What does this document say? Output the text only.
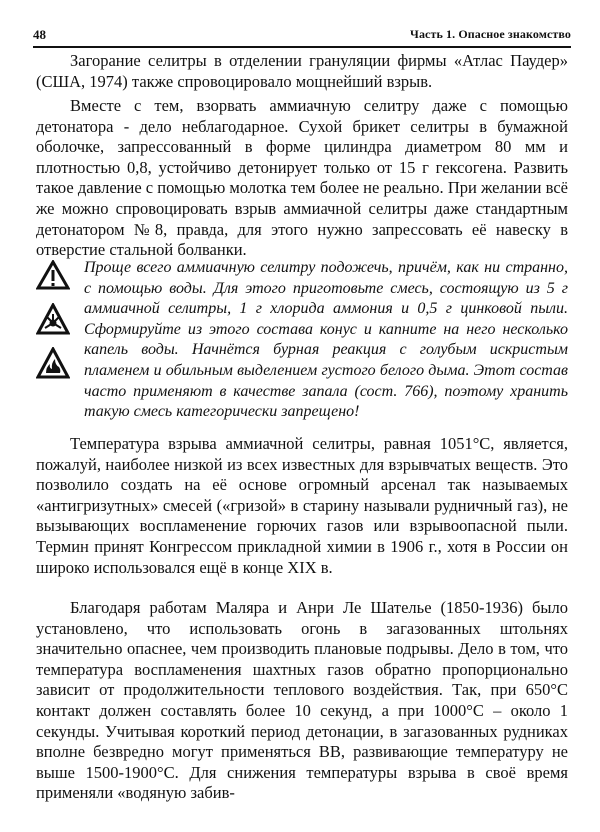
48	Часть 1. Опасное знакомство

Загорание селитры в отделении грануляции фирмы «Атлас Паудер» (США, 1974) также спровоцировало мощнейший взрыв.

Вместе с тем, взорвать аммиачную селитру даже с помощью детонатора - дело неблагодарное. Сухой брикет селитры в бумажной оболочке, запрессованный в форме цилиндра диаметром 80 мм и плотностью 0,8, устойчиво детонирует только от 15 г гексогена. Развить такое давление с помощью молотка тем более не реально. При желании всё же можно спровоцировать взрыв аммиачной селитры даже стандартным детонатором №8, правда, для этого нужно запрессовать её навеску в отверстие стальной болванки.

Проще всего аммиачную селитру подожечь, причём, как ни странно, с помощью воды. Для этого приготовьте смесь, состоящую из 5 г аммиачной селитры, 1 г хлорида аммония и 0,5 г цинковой пыли. Сформируйте из этого состава конус и капните на него несколько капель воды. Начнётся бурная реакция с голубым искристым пламенем и обильным выделением густого белого дыма. Этот состав часто применяют в качестве запала (сост. 766), поэтому хранить такую смесь категорически запрещено!

Температура взрыва аммиачной селитры, равная 1051°С, является, пожалуй, наиболее низкой из всех известных для взрывчатых веществ. Это позволило создать на её основе огромный арсенал так называемых «антигризутных» смесей («гризой» в старину называли рудничный газ), не вызывающих воспламенение горючих газов или взрывоопасной пыли. Термин принят Конгрессом прикладной химии в 1906 г., хотя в России он широко использовался ещё в конце XIX в.

Благодаря работам Маляра и Анри Ле Шателье (1850-1936) было установлено, что использовать огонь в загазованных штольнях значительно опаснее, чем производить плановые подрывы. Дело в том, что температура воспламенения шахтных газов обратно пропорционально зависит от продолжительности теплового воздействия. Так, при 650°С контакт должен составлять более 10 секунд, а при 1000°С – около 1 секунды. Учитывая короткий период детонации, в загазованных рудниках вполне безвредно могут применяться ВВ, развивающие температуру не выше 1500-1900°С. Для снижения температуры взрыва в своё время применяли «водяную забив-
